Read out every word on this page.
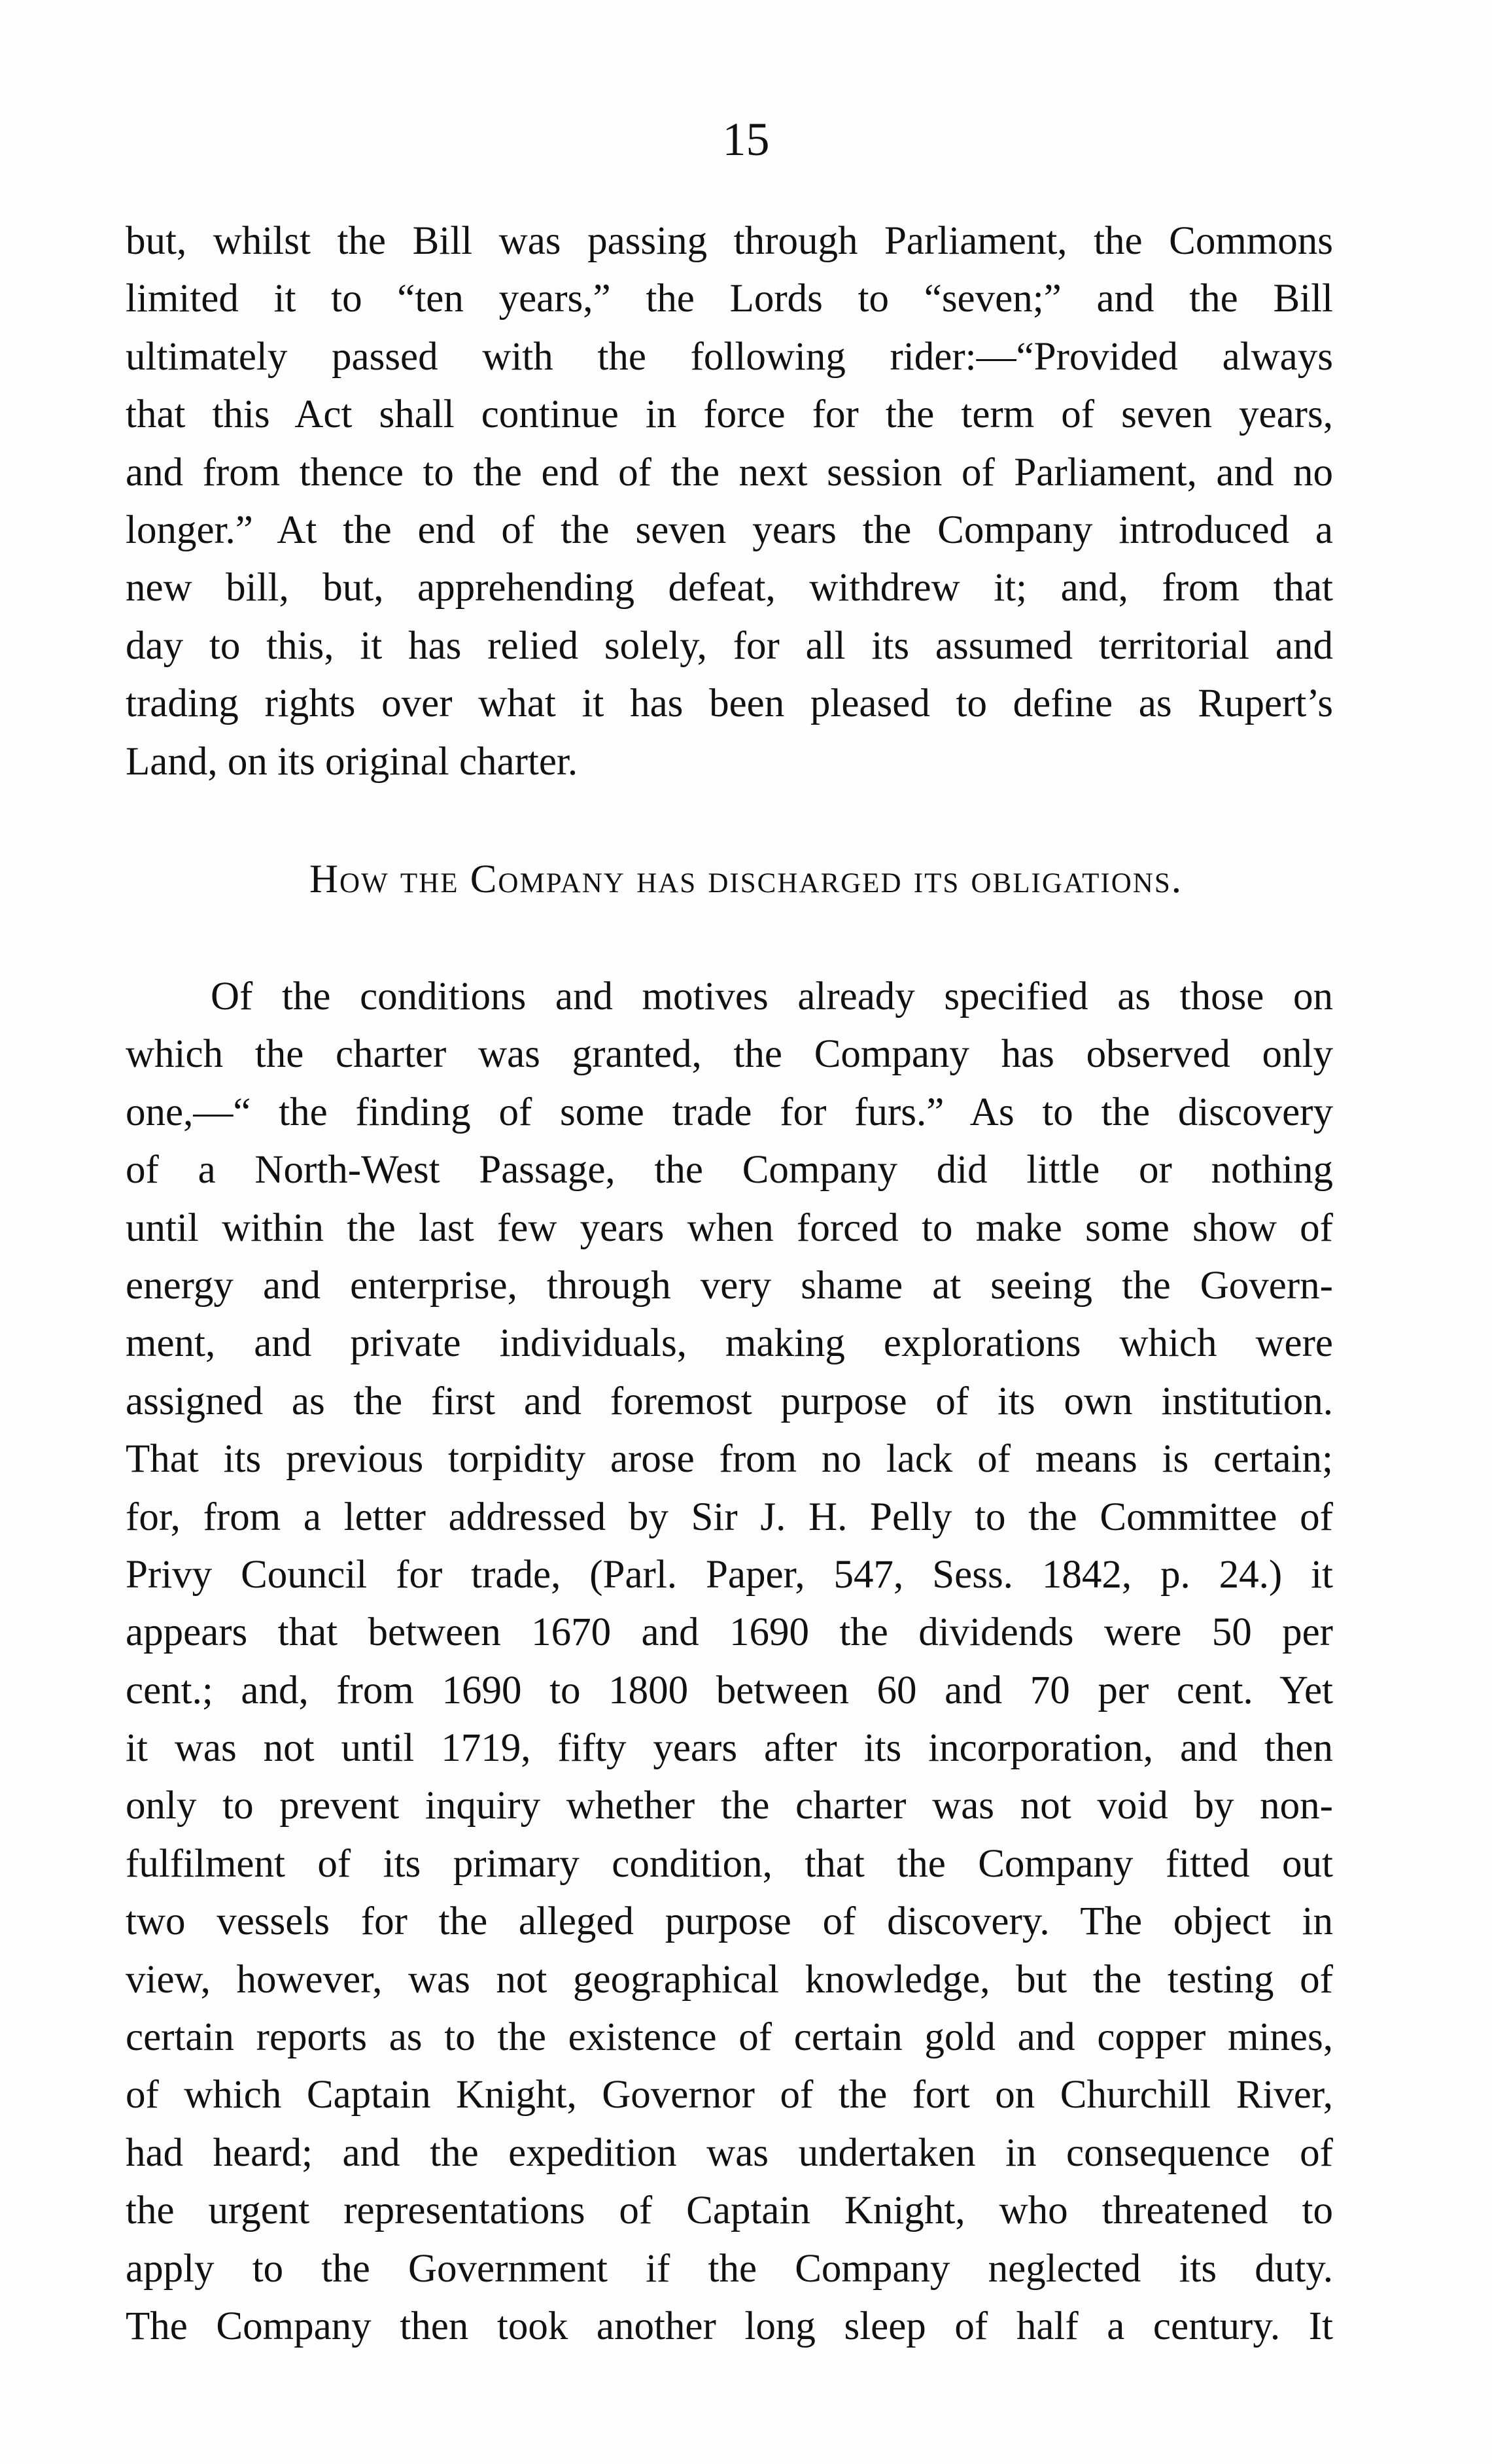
15
but, whilst the Bill was passing through Parliament, the Commons
limited it to “ten years,” the Lords to “seven;” and the Bill
ultimately passed with the following rider:—“Provided always
that this Act shall continue in force for the term of seven years,
and from thence to the end of the next session of Parliament, and no
longer.” At the end of the seven years the Company introduced a
new bill, but, apprehending defeat, withdrew it; and, from that
day to this, it has relied solely, for all its assumed territorial and
trading rights over what it has been pleased to define as Rupert’s
Land, on its original charter.
How the Company has discharged its obligations.
Of the conditions and motives already specified as those on
which the charter was granted, the Company has observed only
one,—“ the finding of some trade for furs.” As to the discovery
of a North-West Passage, the Company did little or nothing
until within the last few years when forced to make some show of
energy and enterprise, through very shame at seeing the Govern-
ment, and private individuals, making explorations which were
assigned as the first and foremost purpose of its own institution.
That its previous torpidity arose from no lack of means is certain;
for, from a letter addressed by Sir J. H. Pelly to the Committee of
Privy Council for trade, (Parl. Paper, 547, Sess. 1842, p. 24.) it
appears that between 1670 and 1690 the dividends were 50 per
cent.; and, from 1690 to 1800 between 60 and 70 per cent. Yet
it was not until 1719, fifty years after its incorporation, and then
only to prevent inquiry whether the charter was not void by non-
fulfilment of its primary condition, that the Company fitted out
two vessels for the alleged purpose of discovery. The object in
view, however, was not geographical knowledge, but the testing of
certain reports as to the existence of certain gold and copper mines,
of which Captain Knight, Governor of the fort on Churchill River,
had heard; and the expedition was undertaken in consequence of
the urgent representations of Captain Knight, who threatened to
apply to the Government if the Company neglected its duty.
The Company then took another long sleep of half a century. It
